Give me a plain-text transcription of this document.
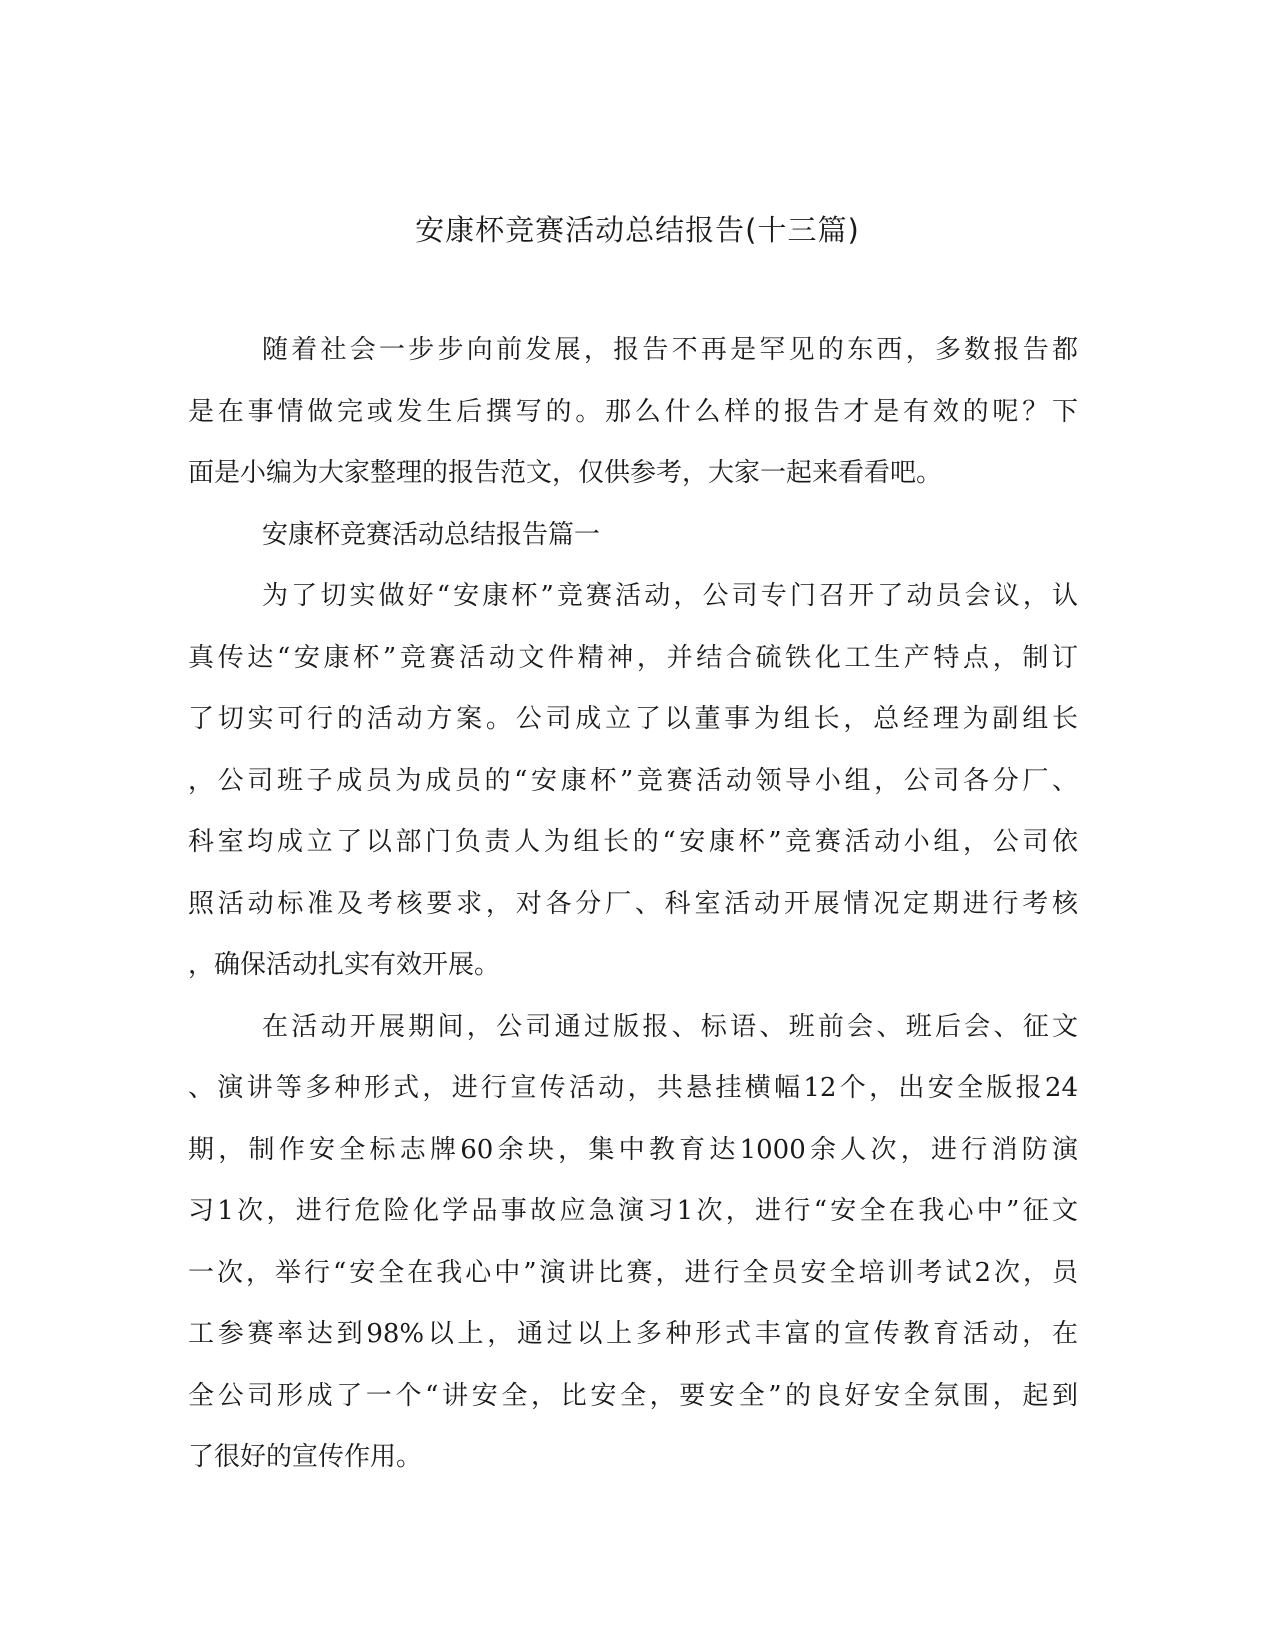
安康杯竞赛活动总结报告(十三篇)
随着社会一步步向前发展，报告不再是罕见的东西，多数报告都
是在事情做完或发生后撰写的。那么什么样的报告才是有效的呢？下
面是小编为大家整理的报告范文，仅供参考，大家一起来看看吧。
安康杯竞赛活动总结报告篇一
为了切实做好“安康杯”竞赛活动，公司专门召开了动员会议，认
真传达“安康杯”竞赛活动文件精神，并结合硫铁化工生产特点，制订
了切实可行的活动方案。公司成立了以董事为组长，总经理为副组长
，公司班子成员为成员的“安康杯”竞赛活动领导小组，公司各分厂、
科室均成立了以部门负责人为组长的“安康杯”竞赛活动小组，公司依
照活动标准及考核要求，对各分厂、科室活动开展情况定期进行考核
，确保活动扎实有效开展。
在活动开展期间，公司通过版报、标语、班前会、班后会、征文
、演讲等多种形式，进行宣传活动，共悬挂横幅12个，出安全版报24
期，制作安全标志牌60余块，集中教育达1000余人次，进行消防演
习1次，进行危险化学品事故应急演习1次，进行“安全在我心中”征文
一次，举行“安全在我心中”演讲比赛，进行全员安全培训考试2次，员
工参赛率达到98%以上，通过以上多种形式丰富的宣传教育活动，在
全公司形成了一个“讲安全，比安全，要安全”的良好安全氛围，起到
了很好的宣传作用。
